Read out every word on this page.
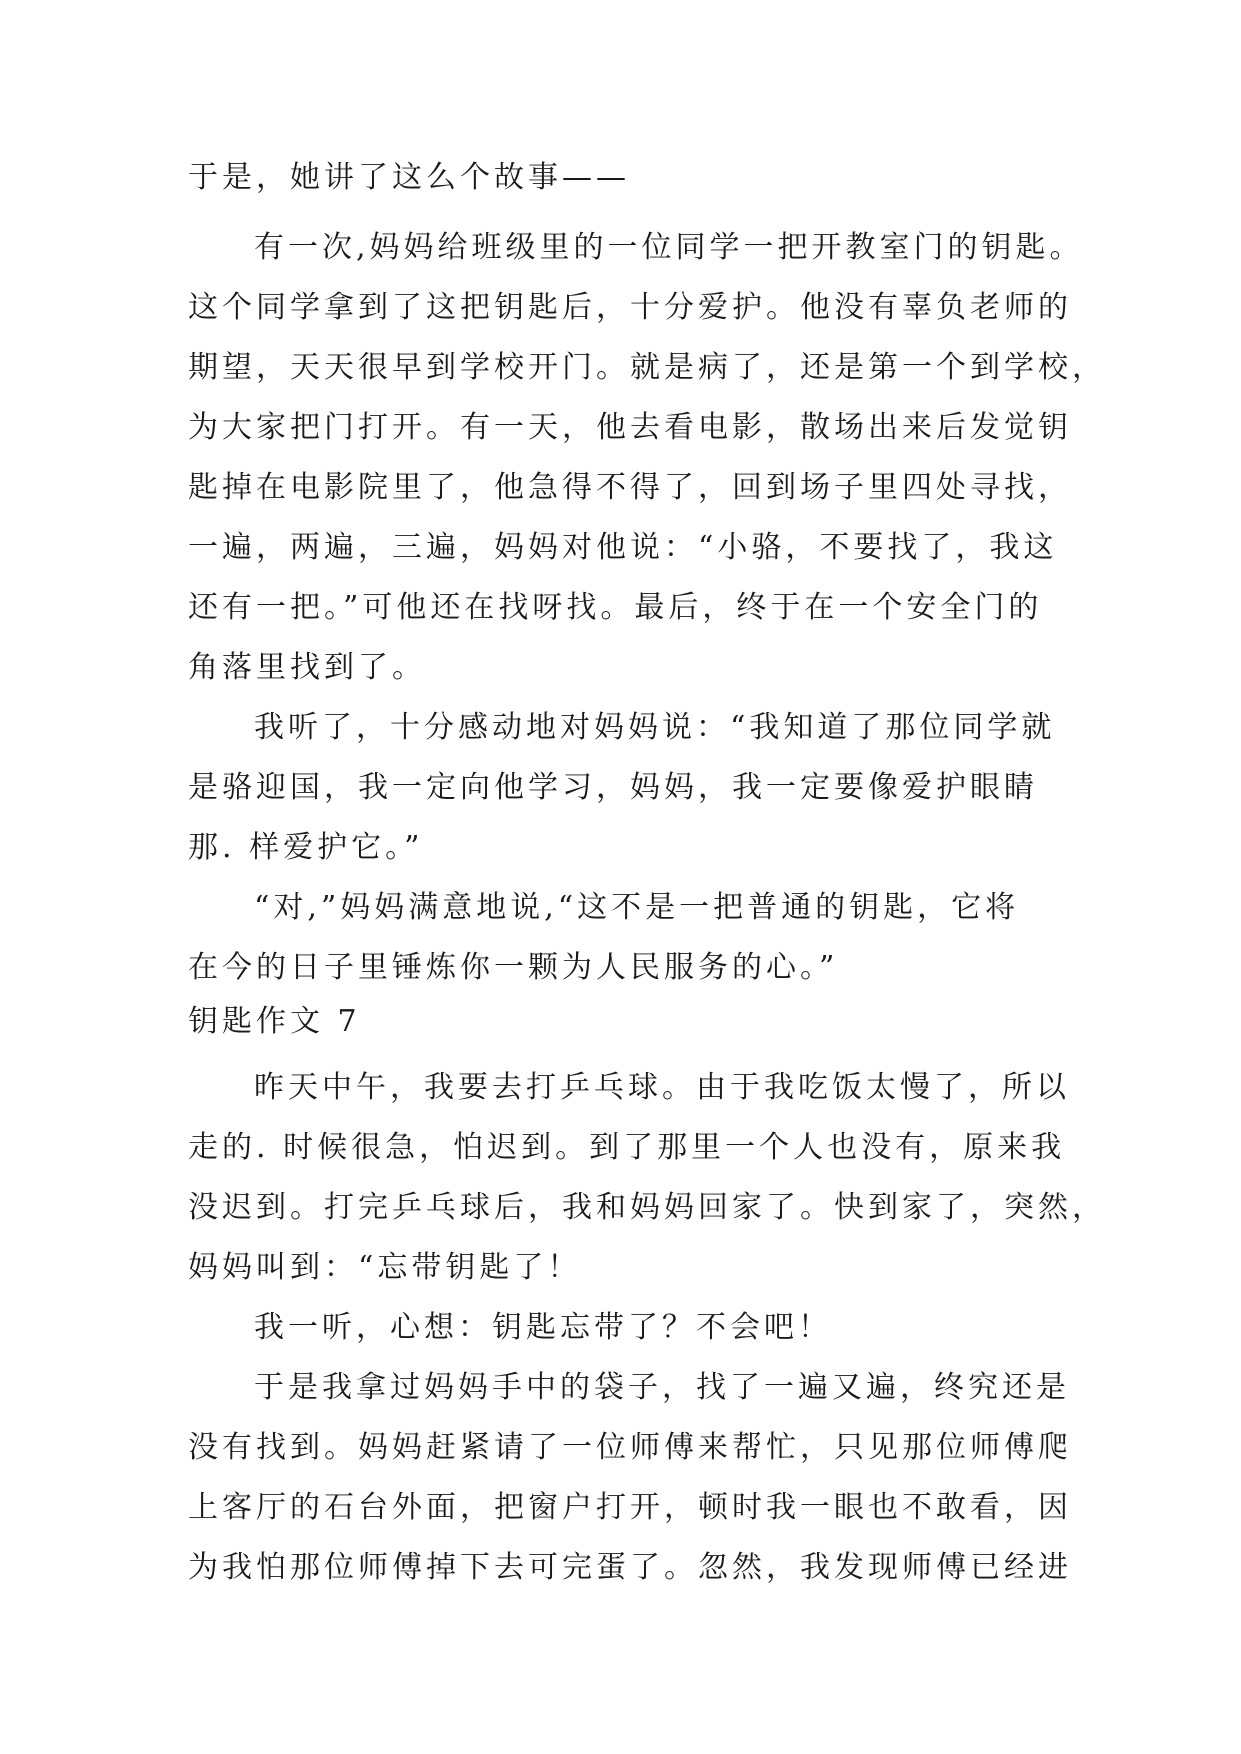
于是，她讲了这么个故事——
有一次,妈妈给班级里的一位同学一把开教室门的钥匙。
这个同学拿到了这把钥匙后，十分爱护。他没有辜负老师的
期望，天天很早到学校开门。就是病了，还是第一个到学校，
为大家把门打开。有一天，他去看电影，散场出来后发觉钥
匙掉在电影院里了，他急得不得了，回到场子里四处寻找，
一遍，两遍，三遍，妈妈对他说：“小骆，不要找了，我这
还有一把。”可他还在找呀找。最后，终于在一个安全门的
角落里找到了。
我听了，十分感动地对妈妈说：“我知道了那位同学就
是骆迎国，我一定向他学习，妈妈，我一定要像爱护眼睛
那. 样爱护它。”
“对,”妈妈满意地说,“这不是一把普通的钥匙，它将
在今的日子里锤炼你一颗为人民服务的心。”
钥匙作文 7
昨天中午，我要去打乒乓球。由于我吃饭太慢了，所以
走的. 时候很急，怕迟到。到了那里一个人也没有，原来我
没迟到。打完乒乓球后，我和妈妈回家了。快到家了，突然，
妈妈叫到：“忘带钥匙了！
我一听，心想：钥匙忘带了？不会吧！
于是我拿过妈妈手中的袋子，找了一遍又遍，终究还是
没有找到。妈妈赶紧请了一位师傅来帮忙，只见那位师傅爬
上客厅的石台外面，把窗户打开，顿时我一眼也不敢看，因
为我怕那位师傅掉下去可完蛋了。忽然，我发现师傅已经进
